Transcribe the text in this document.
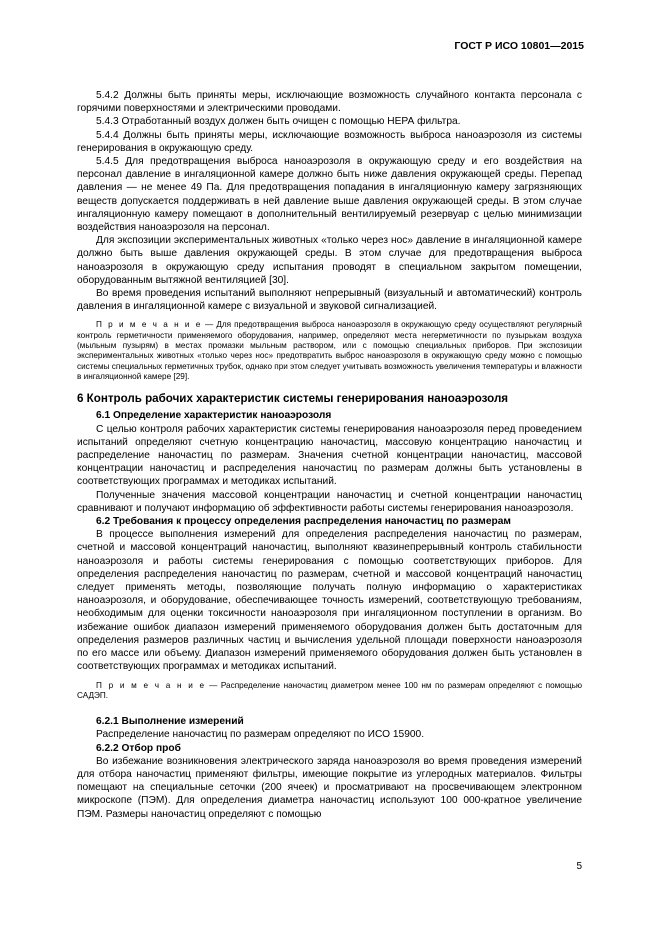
ГОСТ Р ИСО 10801—2015

5.4.2 Должны быть приняты меры, исключающие возможность случайного контакта персонала с горячими поверхностями и электрическими проводами.

5.4.3 Отработанный воздух должен быть очищен с помощью НЕРА фильтра.

5.4.4 Должны быть приняты меры, исключающие возможность выброса наноаэрозоля из системы генерирования в окружающую среду.

5.4.5 Для предотвращения выброса наноаэрозоля в окружающую среду и его воздействия на персонал давление в ингаляционной камере должно быть ниже давления окружающей среды. Перепад давления — не менее 49 Па. Для предотвращения попадания в ингаляционную камеру загрязняющих веществ допускается поддерживать в ней давление выше давления окружающей среды. В этом случае ингаляционную камеру помещают в дополнительный вентилируемый резервуар с целью минимизации воздействия наноаэрозоля на персонал.

Для экспозиции экспериментальных животных «только через нос» давление в ингаляционной камере должно быть выше давления окружающей среды. В этом случае для предотвращения выброса наноаэрозоля в окружающую среду испытания проводят в специальном закрытом помещении, оборудованным вытяжной вентиляцией [30].

Во время проведения испытаний выполняют непрерывный (визуальный и автоматический) контроль давления в ингаляционной камере с визуальной и звуковой сигнализацией.

П р и м е ч а н и е — Для предотвращения выброса наноаэрозоля в окружающую среду осуществляют регулярный контроль герметичности применяемого оборудования, например, определяют места негерметичности по пузырькам воздуха (мыльным пузырям) в местах промазки мыльным раствором, или с помощью специальных приборов. При экспозиции экспериментальных животных «только через нос» предотвратить выброс наноаэрозоля в окружающую среду можно с помощью системы специальных герметичных трубок, однако при этом следует учитывать возможность увеличения температуры и влажности в ингаляционной камере [29].

6 Контроль рабочих характеристик системы генерирования наноаэрозоля

6.1 Определение характеристик наноаэрозоля

С целью контроля рабочих характеристик системы генерирования наноаэрозоля перед проведением испытаний определяют счетную концентрацию наночастиц, массовую концентрацию наночастиц и распределение наночастиц по размерам. Значения счетной концентрации наночастиц, массовой концентрации наночастиц и распределения наночастиц по размерам должны быть установлены в соответствующих программах и методиках испытаний.

Полученные значения массовой концентрации наночастиц и счетной концентрации наночастиц сравнивают и получают информацию об эффективности работы системы генерирования наноаэрозоля.

6.2 Требования к процессу определения распределения наночастиц по размерам

В процессе выполнения измерений для определения распределения наночастиц по размерам, счетной и массовой концентраций наночастиц, выполняют квазинепрерывный контроль стабильности наноаэрозоля и работы системы генерирования с помощью соответствующих приборов. Для определения распределения наночастиц по размерам, счетной и массовой концентраций наночастиц следует применять методы, позволяющие получать полную информацию о характеристиках наноаэрозоля, и оборудование, обеспечивающее точность измерений, соответствующую требованиям, необходимым для оценки токсичности наноаэрозоля при ингаляционном поступлении в организм. Во избежание ошибок диапазон измерений применяемого оборудования должен быть достаточным для определения размеров различных частиц и вычисления удельной площади поверхности наноаэрозоля по его массе или объему. Диапазон измерений применяемого оборудования должен быть установлен в соответствующих программах и методиках испытаний.

П р и м е ч а н и е — Распределение наночастиц диаметром менее 100 нм по размерам определяют с помощью САДЭП.

6.2.1 Выполнение измерений

Распределение наночастиц по размерам определяют по ИСО 15900.

6.2.2 Отбор проб

Во избежание возникновения электрического заряда наноаэрозоля во время проведения измерений для отбора наночастиц применяют фильтры, имеющие покрытие из углеродных материалов. Фильтры помещают на специальные сеточки (200 ячеек) и просматривают на просвечивающем электронном микроскопе (ПЭМ). Для определения диаметра наночастиц используют 100 000-кратное увеличение ПЭМ. Размеры наночастиц определяют с помощью

5
